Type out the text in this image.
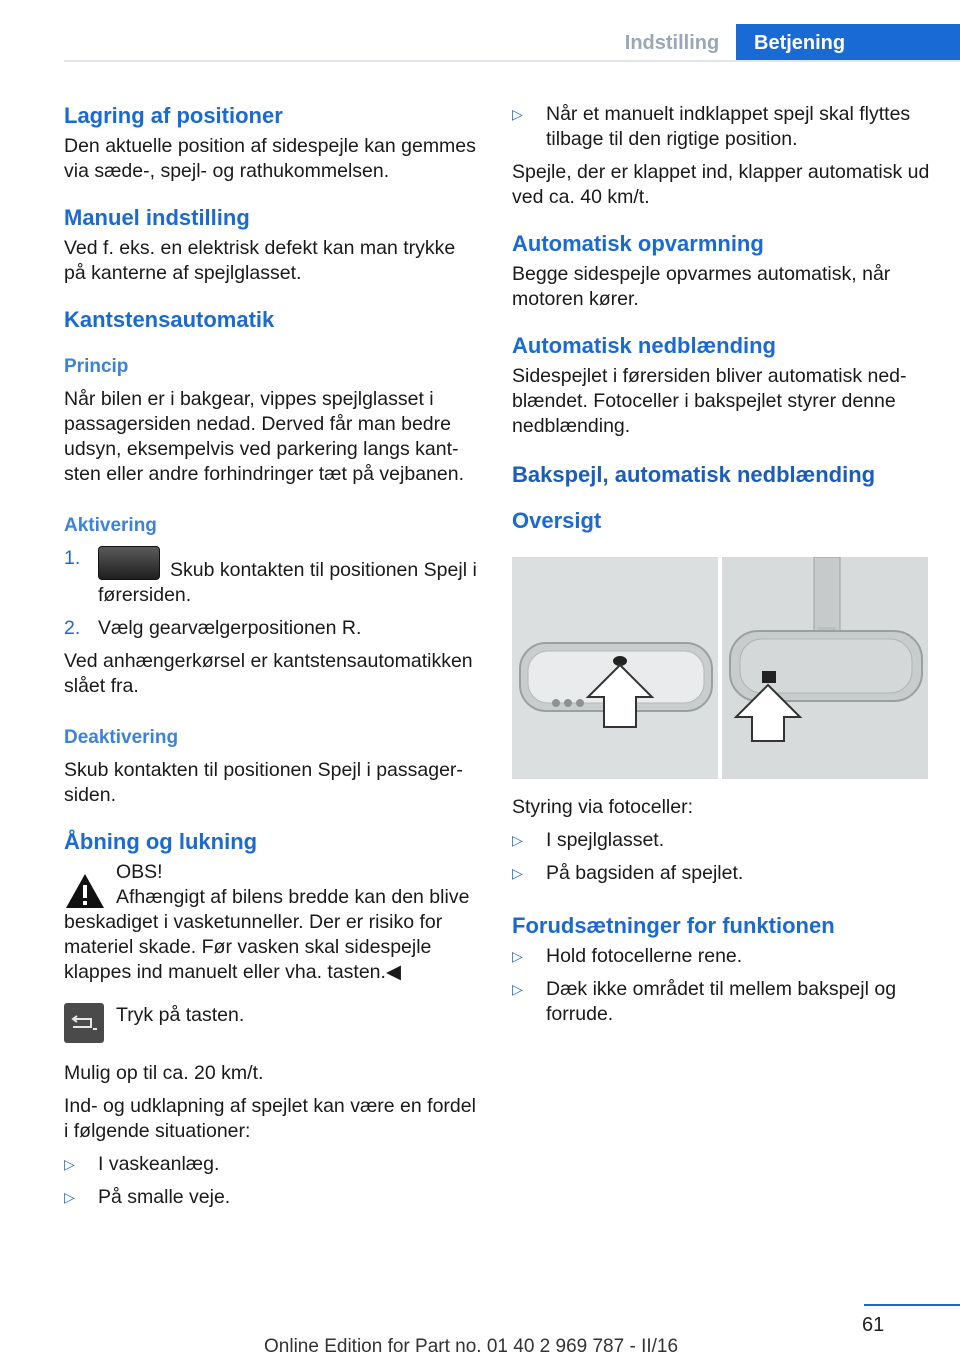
Indstilling	Betjening
Lagring af positioner

Den aktuelle position af sidespejle kan gemmes via sæde-, spejl- og rathukommelsen.

Manuel indstilling

Ved f. eks. en elektrisk defekt kan man trykke på kanterne af spejlglasset.

Kantstensautomatik
Princip

Når bilen er i bakgear, vippes spejlglasset i passagersiden nedad. Derved får man bedre udsyn, eksempelvis ved parkering langs kantsten eller andre forhindringer tæt på vejbanen.

Aktivering
1.
Skub kontakten til positionen Spejl i førersiden.
2. Vælg gearvælgerpositionen R.

Ved anhængerkørsel er kantstensautomatikken slået fra.

Deaktivering

Skub kontakten til positionen Spejl i passagersiden.

Åbning og lukning

OBS!

Afhængigt af bilens bredde kan den blive beskadiget i vasketunneller. Der er risiko for materiel skade. Før vasken skal sidespejle klappes ind manuelt eller vha. tasten.◀

Tryk på tasten.

Mulig op til ca. 20 km/t.

Ind- og udklapning af spejlet kan være en fordel i følgende situationer:

▷	I vaskeanlæg.
▷	På smalle veje.
▷	Når et manuelt indklappet spejl skal flyttes tilbage til den rigtige position.

Spejle, der er klappet ind, klapper automatisk ud ved ca. 40 km/t.

Automatisk opvarmning

Begge sidespejle opvarmes automatisk, når motoren kører.

Automatisk nedblænding

Sidespejlet i førersiden bliver automatisk nedblændet. Fotoceller i bakspejlet styrer denne nedblænding.

Bakspejl, automatisk nedblænding
Oversigt

Styring via fotoceller:

▷	I spejlglasset.
▷	På bagsiden af spejlet.
Forudsætninger for funktionen
▷	Hold fotocellerne rene.
▷	Dæk ikke området til mellem bakspejl og forrude.
61
Online Edition for Part no. 01 40 2 969 787 - II/16
